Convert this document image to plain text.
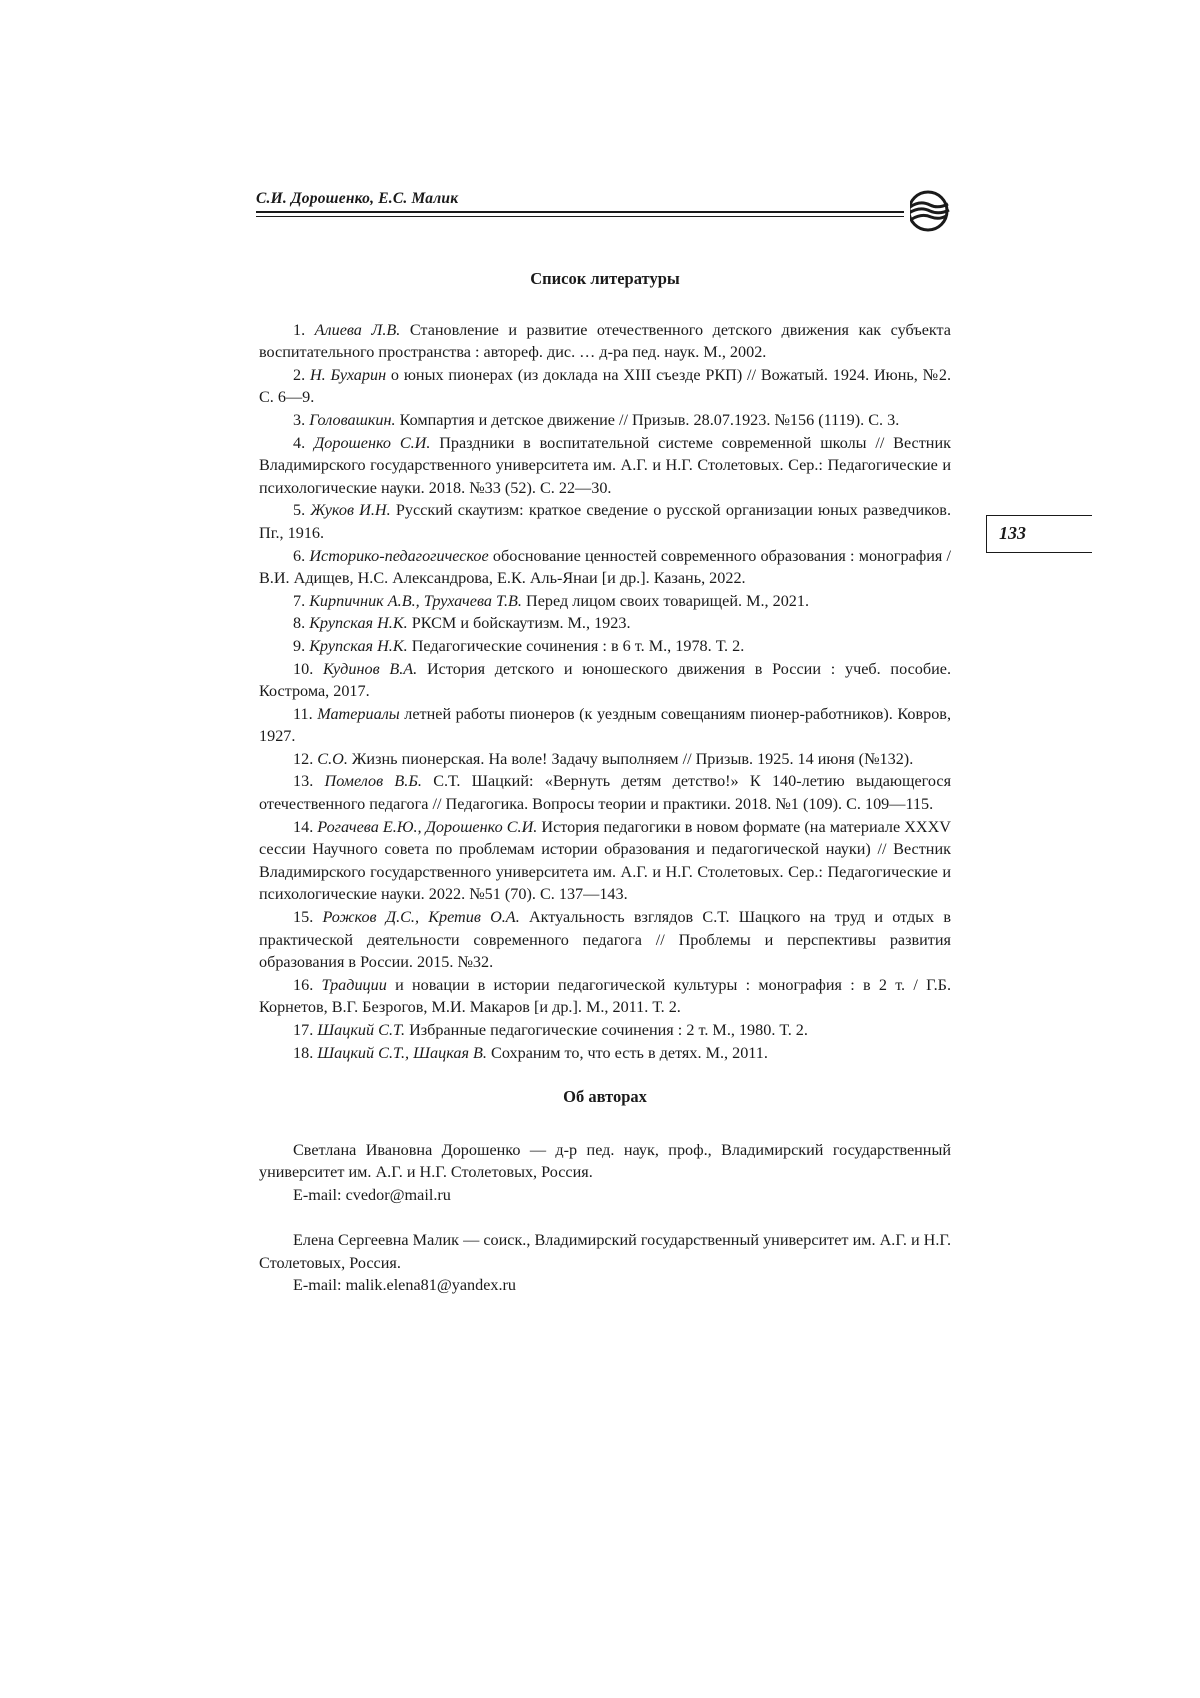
С.И. Дорошенко, Е.С. Малик
133

Список литературы

1. Алиева Л.В. Становление и развитие отечественного детского движения как субъекта воспитательного пространства : автореф. дис. … д-ра пед. наук. М., 2002.

2. Н. Бухарин о юных пионерах (из доклада на XIII съезде РКП) // Вожатый. 1924. Июнь, №2. С. 6—9.

3. Головашкин. Компартия и детское движение // Призыв. 28.07.1923. №156 (1119). С. 3.

4. Дорошенко С.И. Праздники в воспитательной системе современной школы // Вестник Владимирского государственного университета им. А.Г. и Н.Г. Столетовых. Сер.: Педагогические и психологические науки. 2018. №33 (52). С. 22—30.

5. Жуков И.Н. Русский скаутизм: краткое сведение о русской организации юных разведчиков. Пг., 1916.

6. Историко-педагогическое обоснование ценностей современного образования : монография / В.И. Адищев, Н.С. Александрова, Е.К. Аль-Янаи [и др.]. Казань, 2022.

7. Кирпичник А.В., Трухачева Т.В. Перед лицом своих товарищей. М., 2021.

8. Крупская Н.К. РКСМ и бойскаутизм. М., 1923.

9. Крупская Н.К. Педагогические сочинения : в 6 т. М., 1978. Т. 2.

10. Кудинов В.А. История детского и юношеского движения в России : учеб. пособие. Кострома, 2017.

11. Материалы летней работы пионеров (к уездным совещаниям пионер-работников). Ковров, 1927.

12. С.О. Жизнь пионерская. На воле! Задачу выполняем // Призыв. 1925. 14 июня (№132).

13. Помелов В.Б. С.Т. Шацкий: «Вернуть детям детство!» К 140-летию выдающегося отечественного педагога // Педагогика. Вопросы теории и практики. 2018. №1 (109). С. 109—115.

14. Рогачева Е.Ю., Дорошенко С.И. История педагогики в новом формате (на материале XXXV сессии Научного совета по проблемам истории образования и педагогической науки) // Вестник Владимирского государственного университета им. А.Г. и Н.Г. Столетовых. Сер.: Педагогические и психологические науки. 2022. №51 (70). С. 137—143.

15. Рожков Д.С., Кретив О.А. Актуальность взглядов С.Т. Шацкого на труд и отдых в практической деятельности современного педагога // Проблемы и перспективы развития образования в России. 2015. №32.

16. Традиции и новации в истории педагогической культуры : монография : в 2 т. / Г.Б. Корнетов, В.Г. Безрогов, М.И. Макаров [и др.]. М., 2011. Т. 2.

17. Шацкий С.Т. Избранные педагогические сочинения : 2 т. М., 1980. Т. 2.

18. Шацкий С.Т., Шацкая В. Сохраним то, что есть в детях. М., 2011.

Об авторах

Светлана Ивановна Дорошенко — д-р пед. наук, проф., Владимирский государственный университет им. А.Г. и Н.Г. Столетовых, Россия.

E-mail: cvedor@mail.ru

Елена Сергеевна Малик — соиск., Владимирский государственный университет им. А.Г. и Н.Г. Столетовых, Россия.

E-mail: malik.elena81@yandex.ru
